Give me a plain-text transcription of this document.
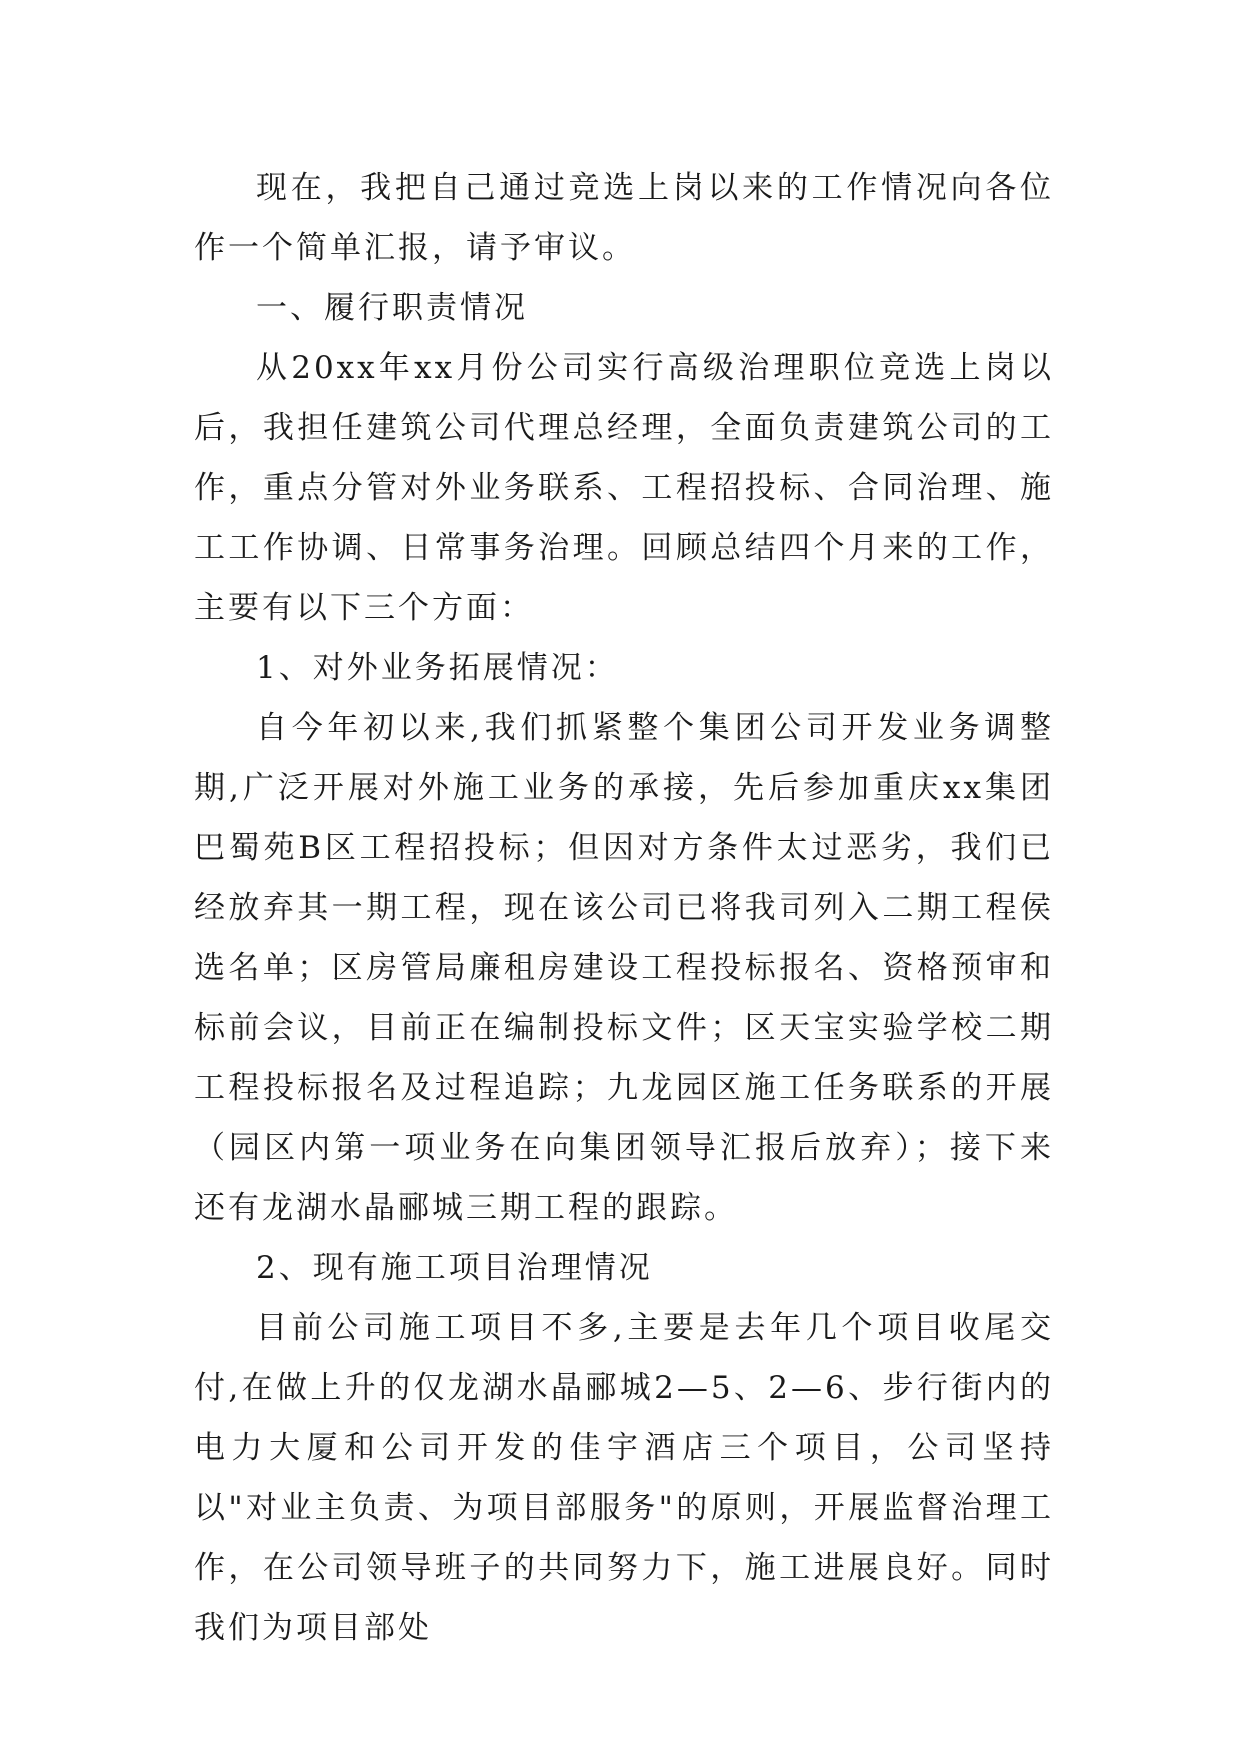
现在，我把自己通过竞选上岗以来的工作情况向各位作一个简单汇报，请予审议。

一、履行职责情况

从20xx年xx月份公司实行高级治理职位竞选上岗以后，我担任建筑公司代理总经理，全面负责建筑公司的工作，重点分管对外业务联系、工程招投标、合同治理、施工工作协调、日常事务治理。回顾总结四个月来的工作，主要有以下三个方面：

1、对外业务拓展情况：

自今年初以来,我们抓紧整个集团公司开发业务调整期,广泛开展对外施工业务的承接，先后参加重庆xx集团巴蜀苑B区工程招投标；但因对方条件太过恶劣，我们已经放弃其一期工程，现在该公司已将我司列入二期工程侯选名单；区房管局廉租房建设工程投标报名、资格预审和标前会议，目前正在编制投标文件；区天宝实验学校二期工程投标报名及过程追踪；九龙园区施工任务联系的开展（园区内第一项业务在向集团领导汇报后放弃）；接下来还有龙湖水晶郦城三期工程的跟踪。

2、现有施工项目治理情况

目前公司施工项目不多,主要是去年几个项目收尾交付,在做上升的仅龙湖水晶郦城2—5、2—6、步行街内的电力大厦和公司开发的佳宇酒店三个项目，公司坚持以"对业主负责、为项目部服务"的原则，开展监督治理工作，在公司领导班子的共同努力下，施工进展良好。同时我们为项目部处
